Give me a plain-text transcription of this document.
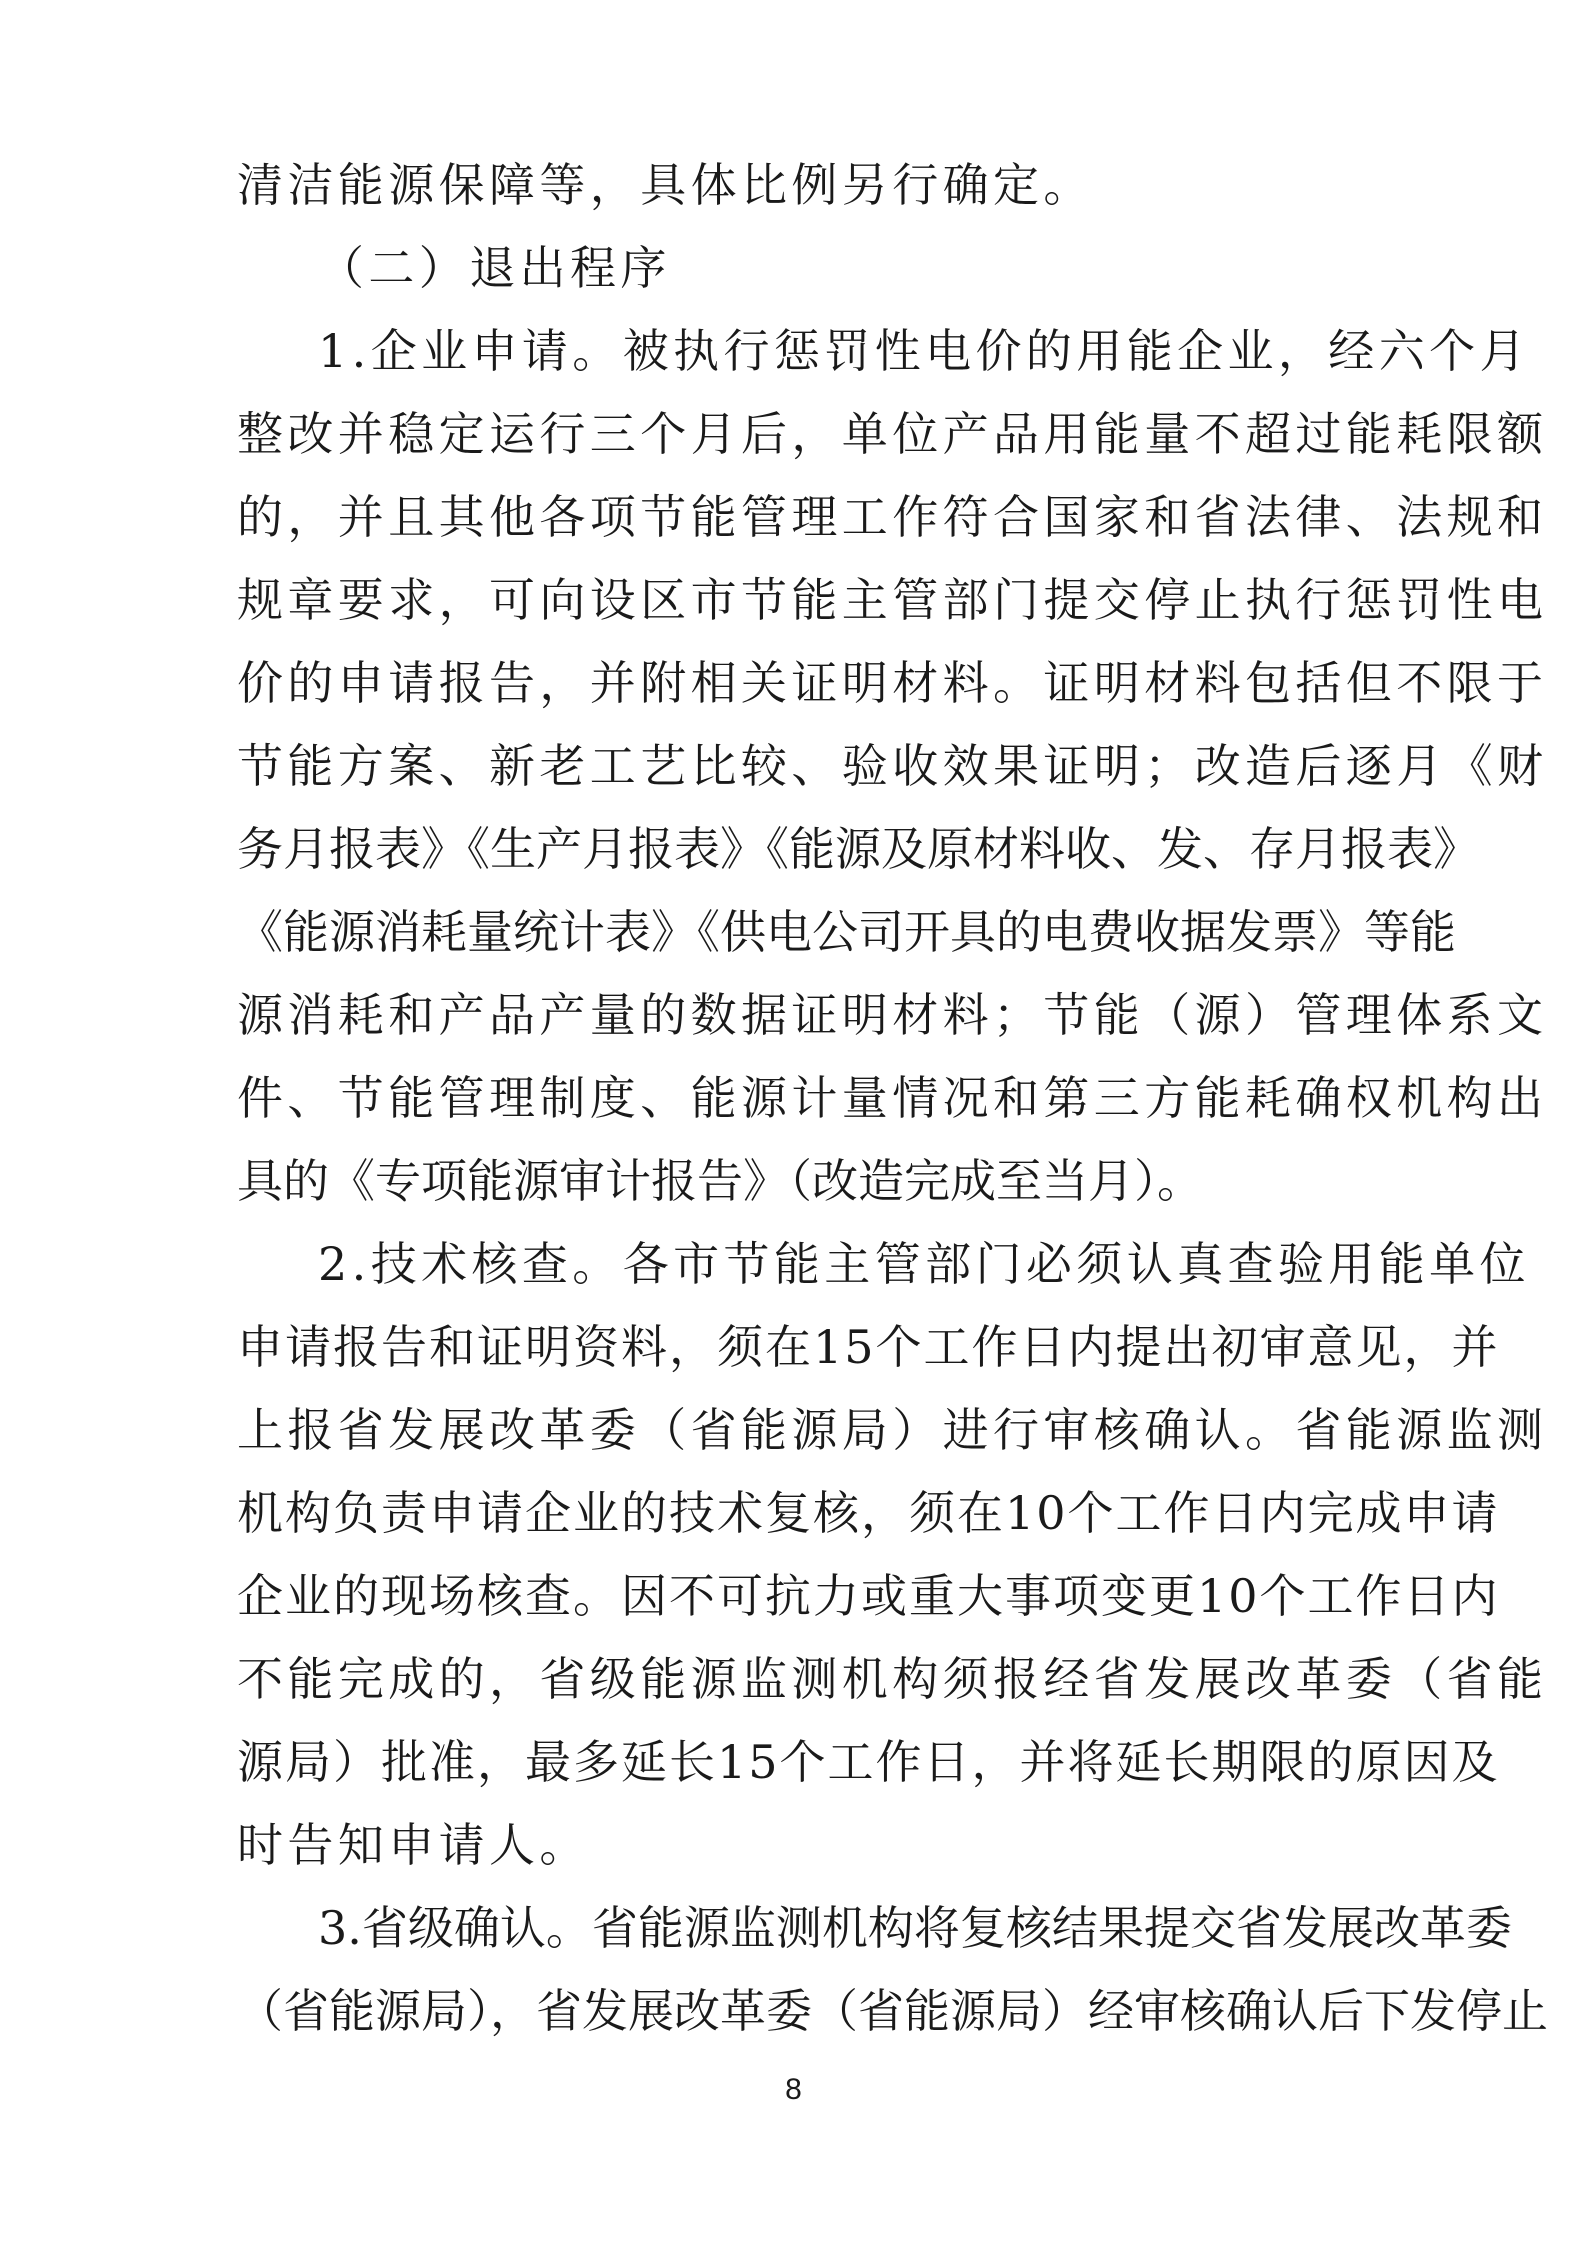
清洁能源保障等，具体比例另行确定。
（二）退出程序
1.企业申请。被执行惩罚性电价的用能企业，经六个月
整改并稳定运行三个月后，单位产品用能量不超过能耗限额
的，并且其他各项节能管理工作符合国家和省法律、法规和
规章要求，可向设区市节能主管部门提交停止执行惩罚性电
价的申请报告，并附相关证明材料。证明材料包括但不限于
节能方案、新老工艺比较、验收效果证明；改造后逐月《财
务月报表》《生产月报表》《能源及原材料收、发、存月报表》
《能源消耗量统计表》《供电公司开具的电费收据发票》等能
源消耗和产品产量的数据证明材料；节能（源）管理体系文
件、节能管理制度、能源计量情况和第三方能耗确权机构出
具的《专项能源审计报告》（改造完成至当月）。
2.技术核查。各市节能主管部门必须认真查验用能单位
申请报告和证明资料，须在15个工作日内提出初审意见，并
上报省发展改革委（省能源局）进行审核确认。省能源监测
机构负责申请企业的技术复核，须在10个工作日内完成申请
企业的现场核查。因不可抗力或重大事项变更10个工作日内
不能完成的，省级能源监测机构须报经省发展改革委（省能
源局）批准，最多延长15个工作日，并将延长期限的原因及
时告知申请人。
3.省级确认。省能源监测机构将复核结果提交省发展改革委
（省能源局），省发展改革委（省能源局）经审核确认后下发停止
8
